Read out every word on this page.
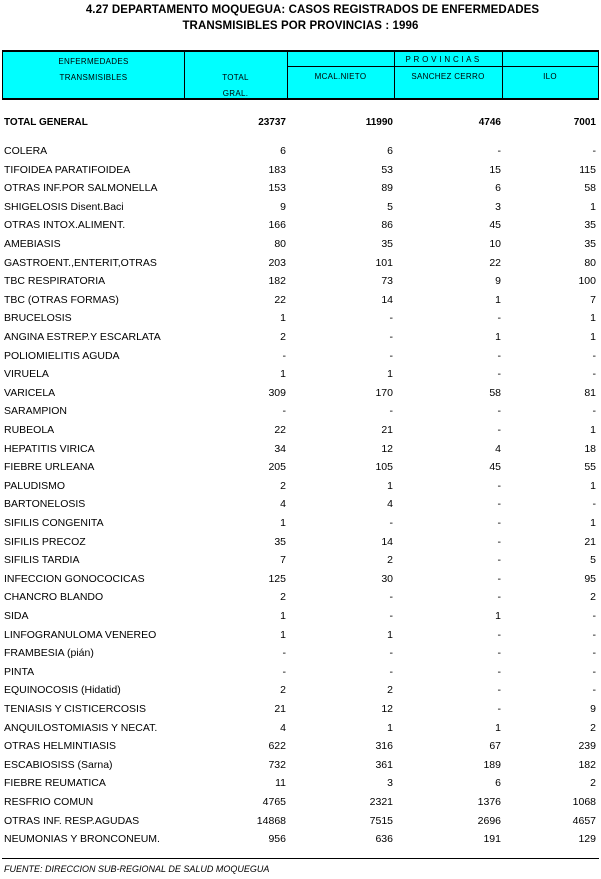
4.27 DEPARTAMENTO MOQUEGUA: CASOS REGISTRADOS DE ENFERMEDADES
TRANSMISIBLES POR PROVINCIAS : 1996
ENFERMEDADES
TRANSMISIBLES	TOTAL
GRAL.
P R O V I N C I A S
MCAL.NIETO	SANCHEZ CERRO	ILO
TOTAL GENERAL	23737	11990	4746	7001
COLERA	6	6	-	-
TIFOIDEA PARATIFOIDEA	183	53	15	115
OTRAS INF.POR SALMONELLA	153	89	6	58
SHIGELOSIS Disent.Baci	9	5	3	1
OTRAS INTOX.ALIMENT.	166	86	45	35
AMEBIASIS	80	35	10	35
GASTROENT.,ENTERIT,OTRAS	203	101	22	80
TBC RESPIRATORIA	182	73	9	100
TBC (OTRAS FORMAS)	22	14	1	7
BRUCELOSIS	1	-	-	1
ANGINA ESTREP.Y ESCARLATA	2	-	1	1
POLIOMIELITIS AGUDA	-	-	-	-
VIRUELA	1	1	-	-
VARICELA	309	170	58	81
SARAMPION	-	-	-	-
RUBEOLA	22	21	-	1
HEPATITIS VIRICA	34	12	4	18
FIEBRE URLEANA	205	105	45	55
PALUDISMO	2	1	-	1
BARTONELOSIS	4	4	-	-
SIFILIS CONGENITA	1	-	-	1
SIFILIS PRECOZ	35	14	-	21
SIFILIS TARDIA	7	2	-	5
INFECCION GONOCOCICAS	125	30	-	95
CHANCRO BLANDO	2	-	-	2
SIDA	1	-	1	-
LINFOGRANULOMA VENEREO	1	1	-	-
FRAMBESIA (pián)	-	-	-	-
PINTA	-	-	-	-
EQUINOCOSIS (Hidatid)	2	2	-	-
TENIASIS Y CISTICERCOSIS	21	12	-	9
ANQUILOSTOMIASIS Y NECAT.	4	1	1	2
OTRAS HELMINTIASIS	622	316	67	239
ESCABIOSISS (Sarna)	732	361	189	182
FIEBRE REUMATICA	11	3	6	2
RESFRIO COMUN	4765	2321	1376	1068
OTRAS INF. RESP.AGUDAS	14868	7515	2696	4657
NEUMONIAS Y BRONCONEUM.	956	636	191	129
FUENTE: DIRECCION SUB-REGIONAL DE SALUD MOQUEGUA
